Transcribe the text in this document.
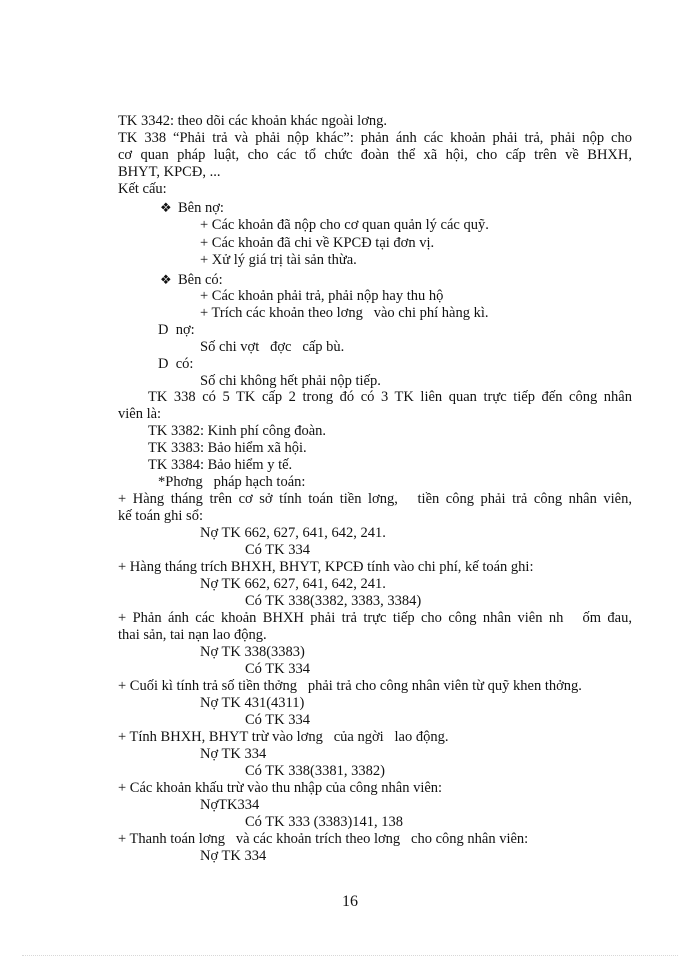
TK 3342: theo dõi các khoản khác ngoài lơng.
TK 338 “Phải trả và phải nộp khác”: phản ánh các khoản phải trả, phải nộp cho
cơ quan pháp luật, cho các tổ chức đoàn thể xã hội, cho cấp trên về BHXH,
BHYT, KPCĐ, ...
Kết cấu:
❖ Bên nợ:
+ Các khoản đã nộp cho cơ quan quản lý các quỹ.
+ Các khoản đã chi về KPCĐ tại đơn vị.
+ Xử lý giá trị tài sản thừa.
❖ Bên có:
+ Các khoản phải trả, phải nộp hay thu hộ
+ Trích các khoản theo lơng   vào chi phí hàng kì.
D  nợ:
Số chi vợt   đợc   cấp bù.
D  có:
Số chi không hết phải nộp tiếp.
TK 338 có 5 TK cấp 2 trong đó có 3 TK liên quan trực tiếp đến công nhân
viên là:
TK 3382: Kinh phí công đoàn.
TK 3383: Bảo hiểm xã hội.
TK 3384: Bảo hiểm y tế.
*Phơng   pháp hạch toán:
+ Hàng tháng trên cơ sở tính toán tiền lơng,   tiền công phải trả công nhân viên,
kế toán ghi sổ:
Nợ TK 662, 627, 641, 642, 241.
Có TK 334
+ Hàng tháng trích BHXH, BHYT, KPCĐ tính vào chi phí, kế toán ghi:
Nợ TK 662, 627, 641, 642, 241.
Có TK 338(3382, 3383, 3384)
+ Phản ánh các khoản BHXH phải trả trực tiếp cho công nhân viên nh   ốm đau,
thai sản, tai nạn lao động.
Nợ TK 338(3383)
Có TK 334
+ Cuối kì tính trả số tiền thởng   phải trả cho công nhân viên từ quỹ khen thởng.
Nợ TK 431(4311)
Có TK 334
+ Tính BHXH, BHYT trừ vào lơng   của ngời   lao động.
Nợ TK 334
Có TK 338(3381, 3382)
+ Các khoản khấu trừ vào thu nhập của công nhân viên:
NợTK334
Có TK 333 (3383)141, 138
+ Thanh toán lơng   và các khoản trích theo lơng   cho công nhân viên:
Nợ TK 334
16
